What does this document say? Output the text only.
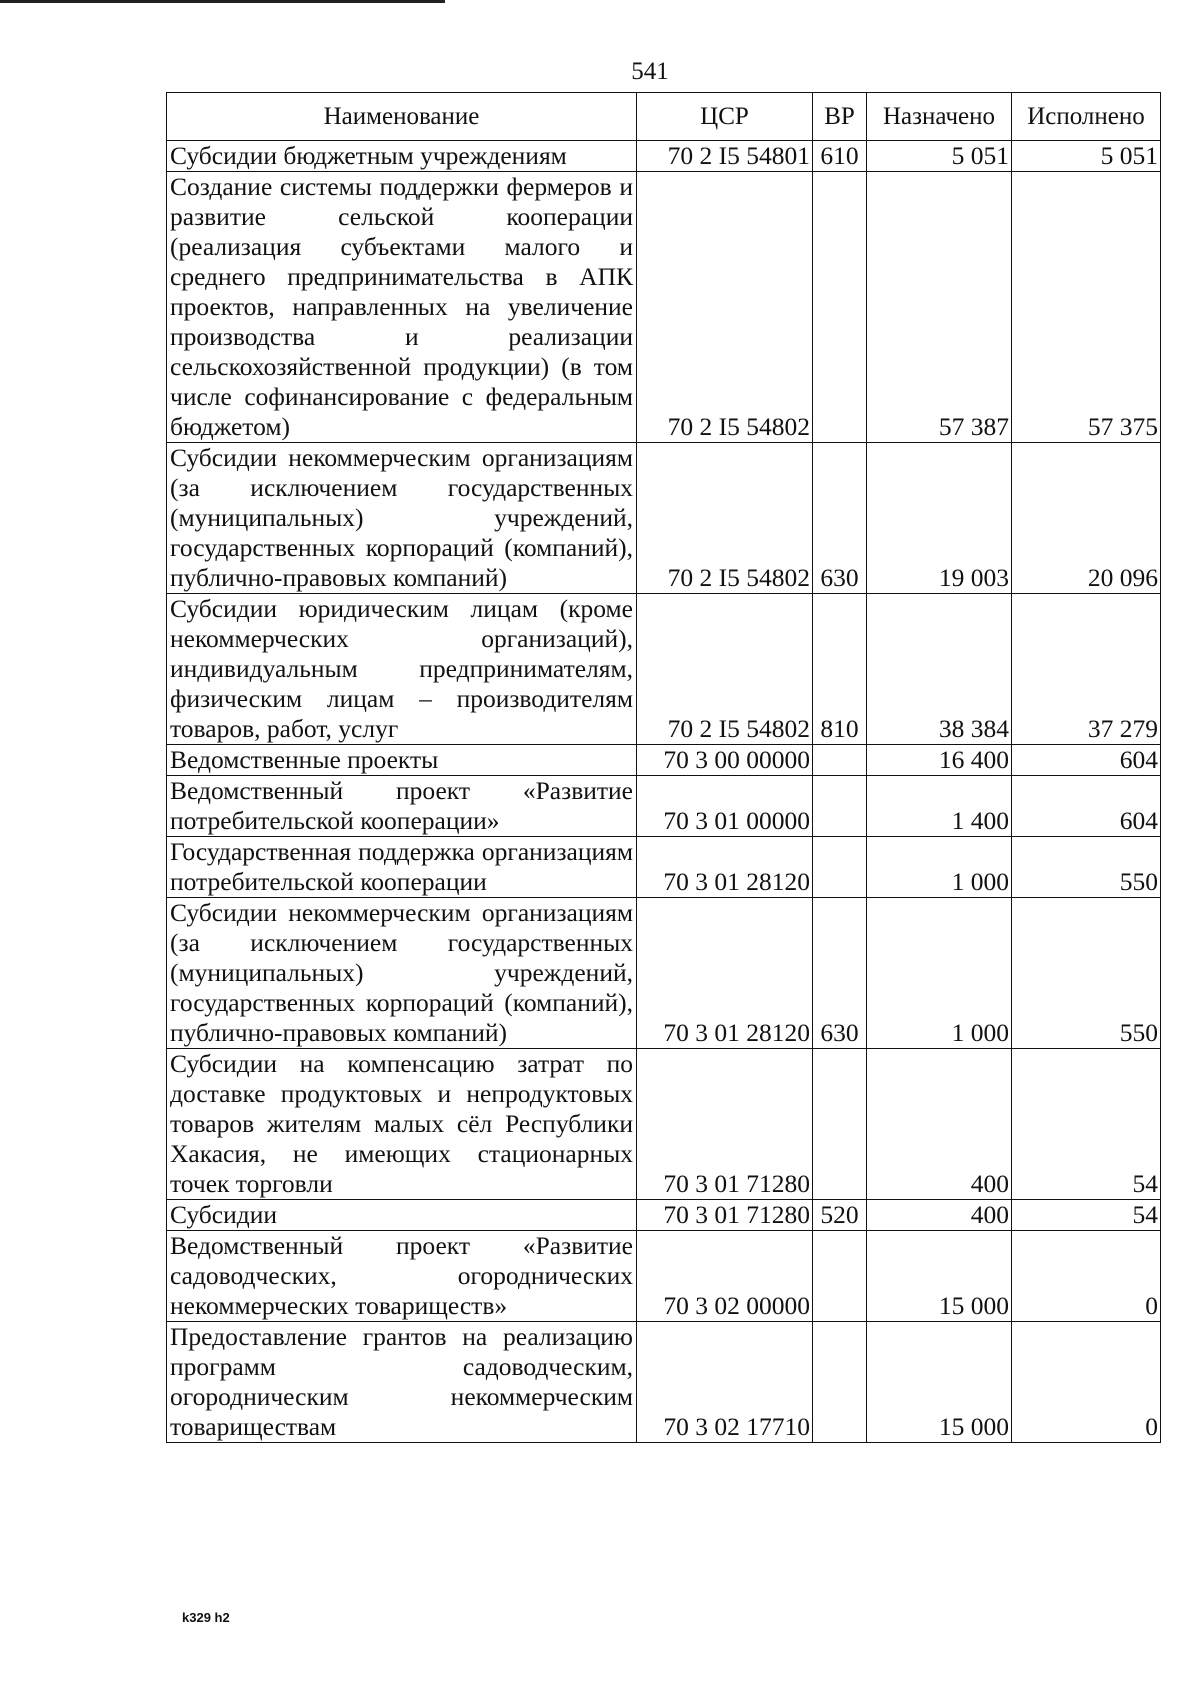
541
Наименование	ЦСР	ВР	Назначено	Исполнено
Субсидии бюджетным учреждениям	70 2 I5 54801	610	5 051	5 051
Создание системы поддержки фермеров и развитие сельской кооперации (реализация субъектами малого и среднего предпринимательства в АПК проектов, направленных на увеличение производства и реализации сельскохозяйственной продукции) (в том числе софинансирование с федеральным бюджетом)	70 2 I5 54802		57 387	57 375
Субсидии некоммерческим организациям (за исключением государственных (муниципальных) учреждений, государственных корпораций (компаний), публично-правовых компаний)	70 2 I5 54802	630	19 003	20 096
Субсидии юридическим лицам (кроме некоммерческих организаций), индивидуальным предпринимателям, физическим лицам – производителям товаров, работ, услуг	70 2 I5 54802	810	38 384	37 279
Ведомственные проекты	70 3 00 00000		16 400	604
Ведомственный проект «Развитие потребительской кооперации»	70 3 01 00000		1 400	604
Государственная поддержка организациям потребительской кооперации	70 3 01 28120		1 000	550
Субсидии некоммерческим организациям (за исключением государственных (муниципальных) учреждений, государственных корпораций (компаний), публично-правовых компаний)	70 3 01 28120	630	1 000	550
Субсидии на компенсацию затрат по доставке продуктовых и непродуктовых товаров жителям малых сёл Республики Хакасия, не имеющих стационарных точек торговли	70 3 01 71280		400	54
Субсидии	70 3 01 71280	520	400	54
Ведомственный проект «Развитие садоводческих, огороднических некоммерческих товариществ»	70 3 02 00000		15 000	0
Предоставление грантов на реализацию программ садоводческим, огородническим некоммерческим товариществам	70 3 02 17710		15 000	0
k329 h2
